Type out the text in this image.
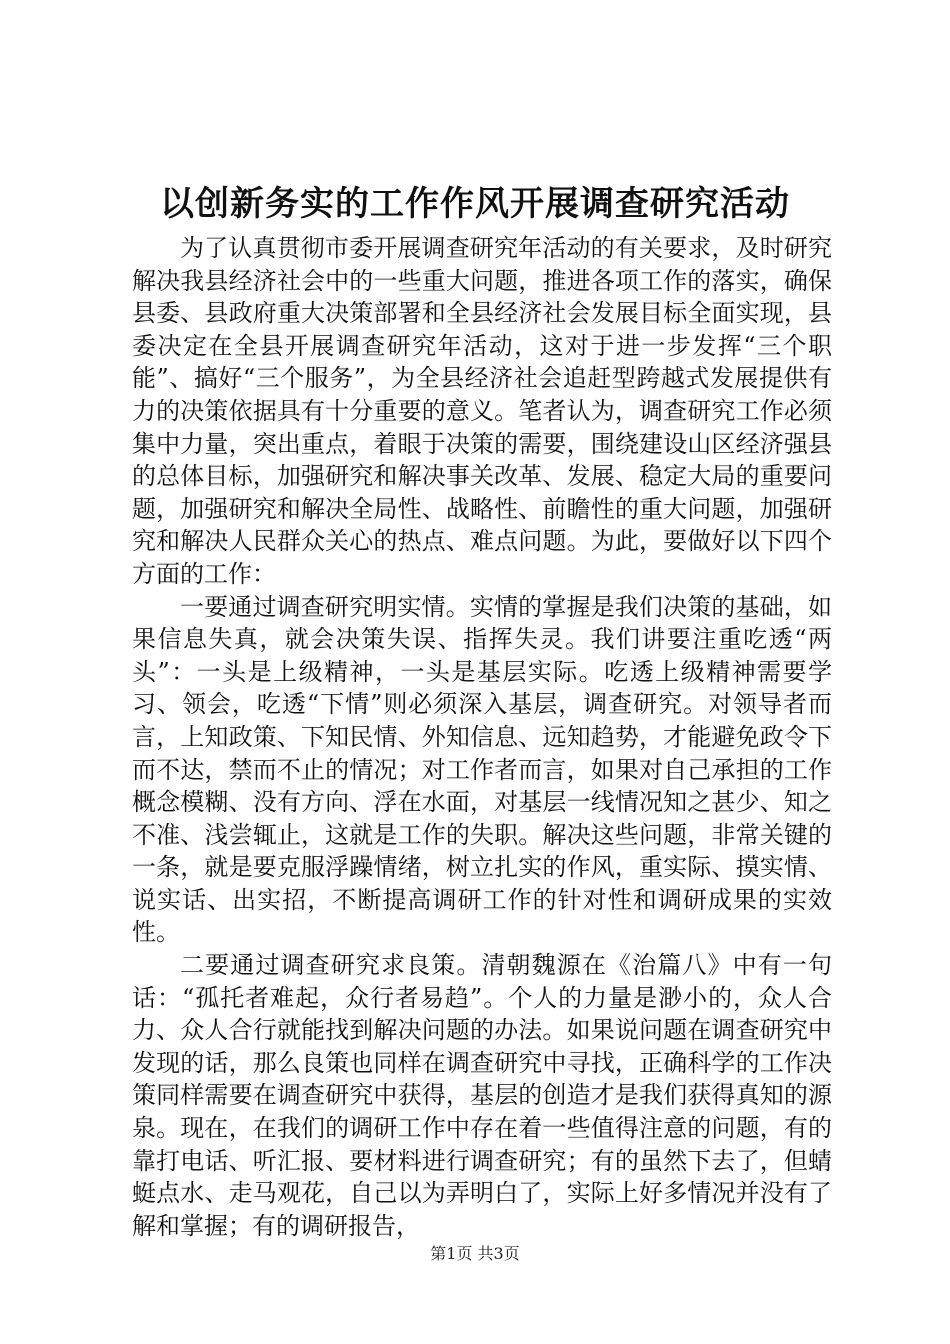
以创新务实的工作作风开展调查研究活动

为了认真贯彻市委开展调查研究年活动的有关要求，及时研究解决我县经济社会中的一些重大问题，推进各项工作的落实，确保县委、县政府重大决策部署和全县经济社会发展目标全面实现，县委决定在全县开展调查研究年活动，这对于进一步发挥“三个职能”、搞好“三个服务”，为全县经济社会追赶型跨越式发展提供有力的决策依据具有十分重要的意义。笔者认为，调查研究工作必须集中力量，突出重点，着眼于决策的需要，围绕建设山区经济强县的总体目标，加强研究和解决事关改革、发展、稳定大局的重要问题，加强研究和解决全局性、战略性、前瞻性的重大问题，加强研究和解决人民群众关心的热点、难点问题。为此，要做好以下四个方面的工作：

一要通过调查研究明实情。实情的掌握是我们决策的基础，如果信息失真，就会决策失误、指挥失灵。我们讲要注重吃透“两头”：一头是上级精神，一头是基层实际。吃透上级精神需要学习、领会，吃透“下情”则必须深入基层，调查研究。对领导者而言，上知政策、下知民情、外知信息、远知趋势，才能避免政令下而不达，禁而不止的情况；对工作者而言，如果对自己承担的工作概念模糊、没有方向、浮在水面，对基层一线情况知之甚少、知之不准、浅尝辄止，这就是工作的失职。解决这些问题，非常关键的一条，就是要克服浮躁情绪，树立扎实的作风，重实际、摸实情、说实话、出实招，不断提高调研工作的针对性和调研成果的实效性。

二要通过调查研究求良策。清朝魏源在《治篇八》中有一句话：“孤托者难起，众行者易趋”。个人的力量是渺小的，众人合力、众人合行就能找到解决问题的办法。如果说问题在调查研究中发现的话，那么良策也同样在调查研究中寻找，正确科学的工作决策同样需要在调查研究中获得，基层的创造才是我们获得真知的源泉。现在，在我们的调研工作中存在着一些值得注意的问题，有的靠打电话、听汇报、要材料进行调查研究；有的虽然下去了，但蜻蜓点水、走马观花，自己以为弄明白了，实际上好多情况并没有了解和掌握；有的调研报告，

第1页 共3页
